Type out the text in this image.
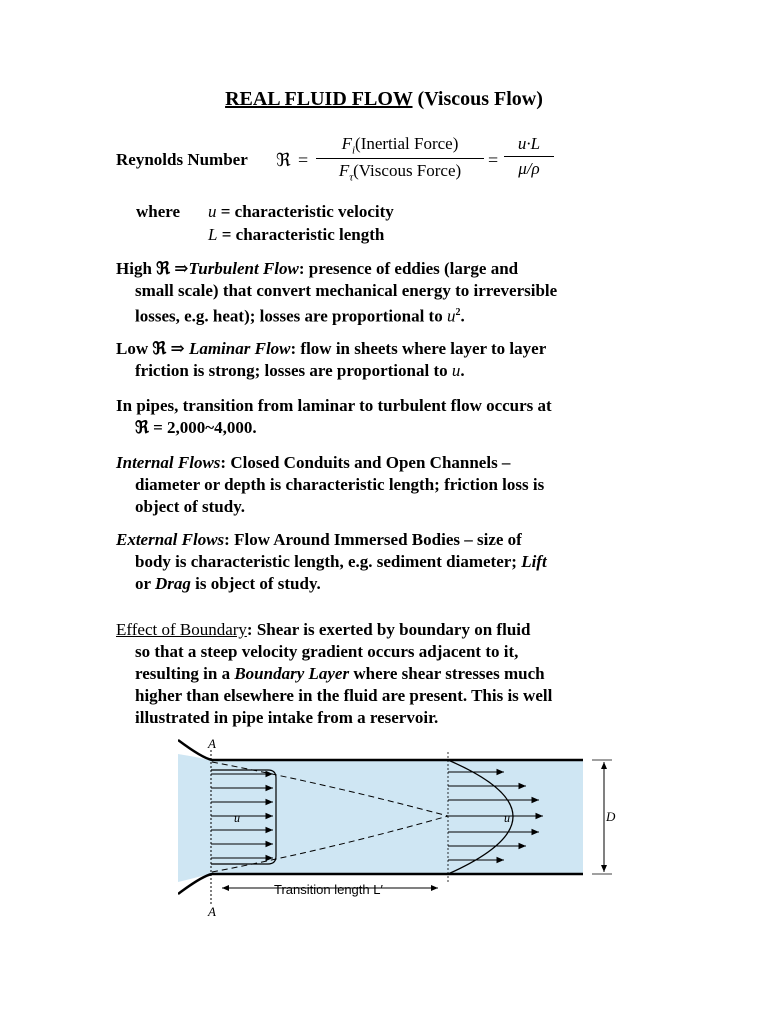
REAL FLUID FLOW (Viscous Flow)
Reynolds Number ℜ =
$F_i(Inertial$ Force)
$F_\tau(Viscous$ Force)
= $\frac{u\cdot L}{\mu/\rho}$
where u = characteristic velocity
L = characteristic length
High ℜ ⇒Turbulent Flow: presence of eddies (large and
small scale) that convert mechanical energy to irreversible
losses, e.g. heat); losses are proportional to $u^2$.
Low ℜ ⇒ Laminar Flow: flow in sheets where layer to layer
friction is strong; losses are proportional to u.
In pipes, transition from laminar to turbulent flow occurs at
ℜ = 2,000~4,000.
Internal Flows: Closed Conduits and Open Channels –
diameter or depth is characteristic length; friction loss is
object of study.
External Flows: Flow Around Immersed Bodies – size of
body is characteristic length, e.g. sediment diameter; Lift
or Drag is object of study.
Effect of Boundary: Shear is exerted by boundary on fluid
so that a steep velocity gradient occurs adjacent to it,
resulting in a Boundary Layer where shear stresses much
higher than elsewhere in the fluid are present. This is well
illustrated in pipe intake from a reservoir.
A
A
u	u	D
Transition length L′
